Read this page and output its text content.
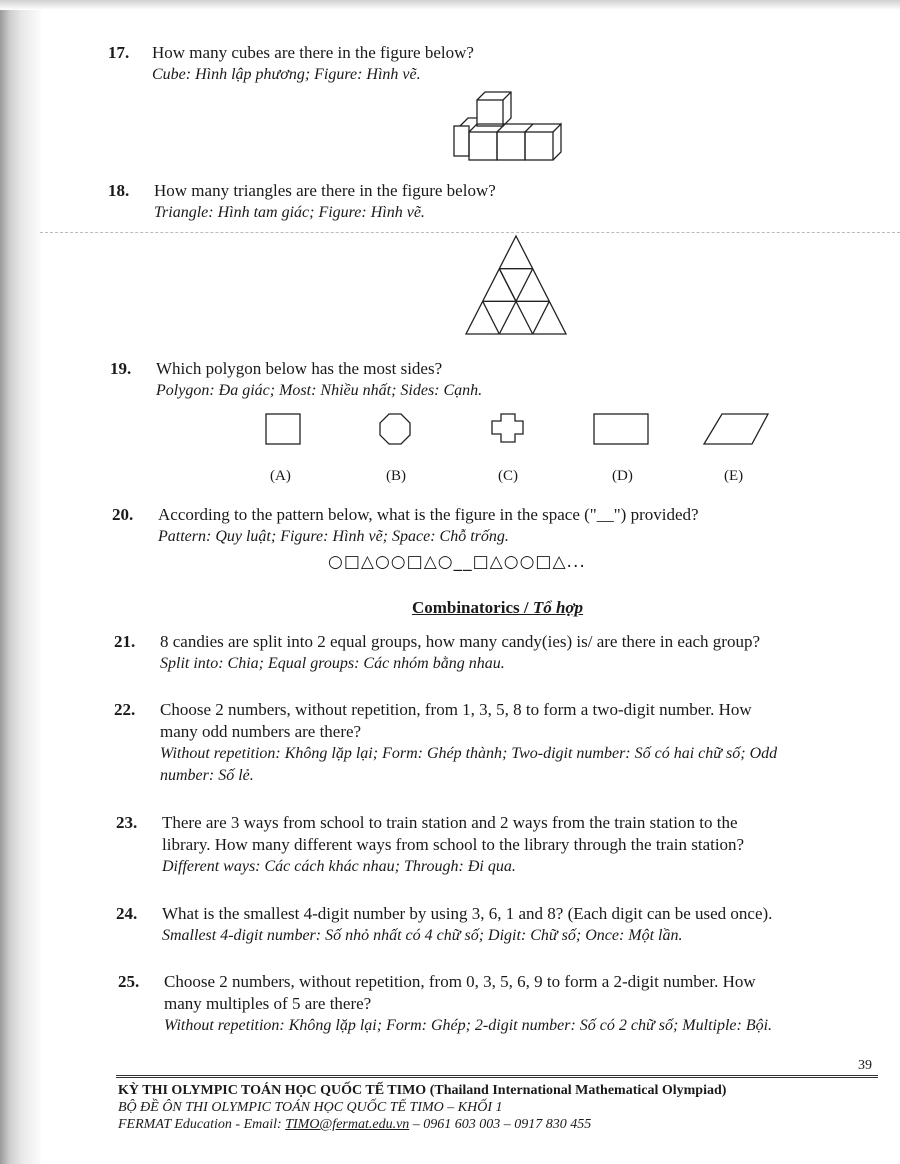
17. How many cubes are there in the figure below?
Cube: Hình lập phương; Figure: Hình vẽ.
18. How many triangles are there in the figure below?
Triangle: Hình tam giác; Figure: Hình vẽ.
19. Which polygon below has the most sides?
Polygon: Đa giác; Most: Nhiều nhất; Sides: Cạnh.
(A)	(B)	(C)	(D)	(E)
20. According to the pattern below, what is the figure in the space ("__") provided?
Pattern: Quy luật; Figure: Hình vẽ; Space: Chỗ trống.
○□△○○□△○__□△○○□△...
Combinatorics / Tổ hợp
21. 8 candies are split into 2 equal groups, how many candy(ies) is/ are there in each group?
Split into: Chia; Equal groups: Các nhóm bằng nhau.
22. Choose 2 numbers, without repetition, from 1, 3, 5, 8 to form a two-digit number. How
many odd numbers are there?
Without repetition: Không lặp lại; Form: Ghép thành; Two-digit number: Số có hai chữ số; Odd
number: Số lẻ.
23. There are 3 ways from school to train station and 2 ways from the train station to the
library. How many different ways from school to the library through the train station?
Different ways: Các cách khác nhau; Through: Đi qua.
24. What is the smallest 4-digit number by using 3, 6, 1 and 8? (Each digit can be used once).
Smallest 4-digit number: Số nhỏ nhất có 4 chữ số; Digit: Chữ số; Once: Một lần.
25. Choose 2 numbers, without repetition, from 0, 3, 5, 6, 9 to form a 2-digit number. How
many multiples of 5 are there?
Without repetition: Không lặp lại; Form: Ghép; 2-digit number: Số có 2 chữ số; Multiple: Bội.
39
KỲ THI OLYMPIC TOÁN HỌC QUỐC TẾ TIMO (Thailand International Mathematical Olympiad)
BỘ ĐỀ ÔN THI OLYMPIC TOÁN HỌC QUỐC TẾ TIMO – KHỐI 1
FERMAT Education - Email: TIMO@fermat.edu.vn – 0961 603 003 – 0917 830 455
